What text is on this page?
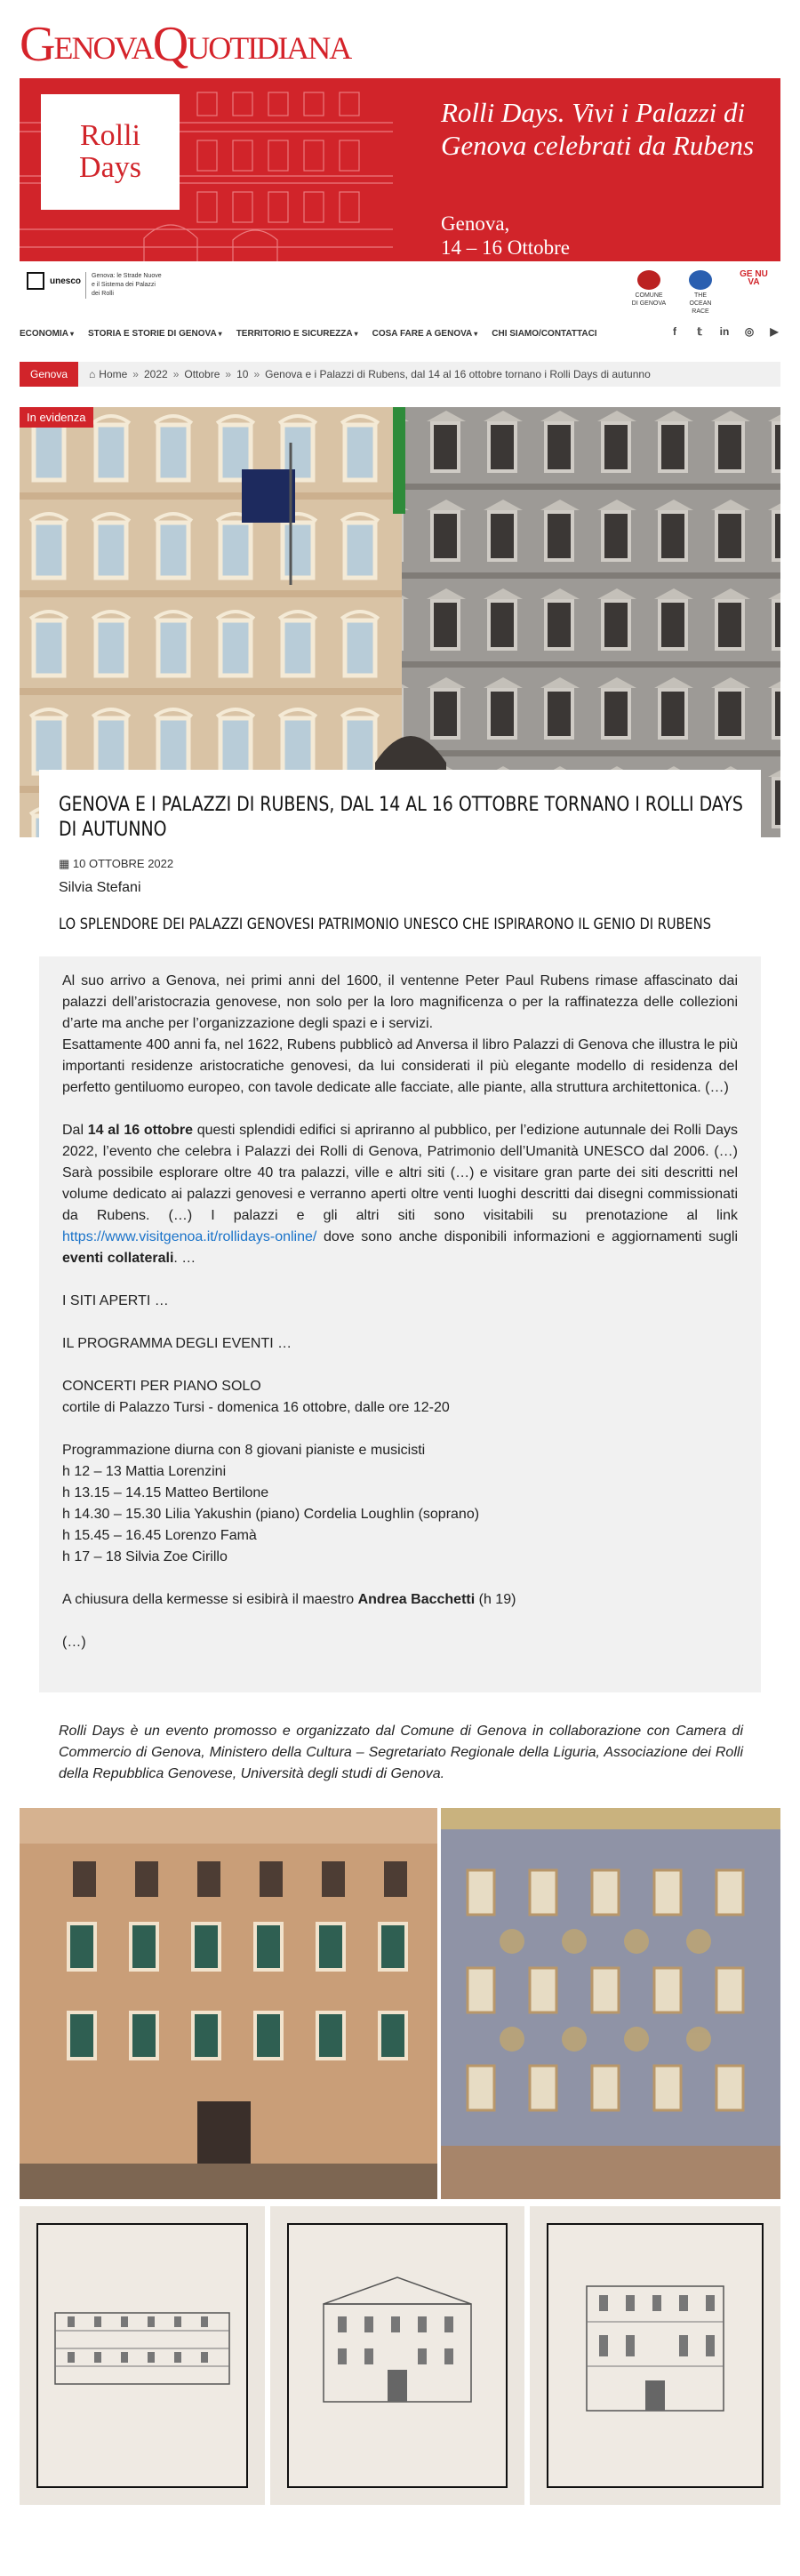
G ENOVA Q UOTIDIANA
Rolli
Days
Rolli Days. Vivi i Palazzi di Genova celebrati da Rubens
Genova,
14 – 16 Ottobre
unesco	Genova: le Strade Nuove e il Sistema dei Palazzi dei Rolli	COMUNE DI GENOVA
THE OCEAN RACE
GE NU VA
ECONOMIA ▾ STORIA E STORIE DI GENOVA ▾ TERRITORIO E SICUREZZA ▾ COSA FARE A GENOVA ▾ CHI SIAMO/CONTATTACI	f	𝕥	in ◎ ▶
Genova	⌂ Home » 2022 » Ottobre » 10 » Genova e i Palazzi di Rubens, dal 14 al 16 ottobre tornano i Rolli Days di autunno
In evidenza
GENOVA E I PALAZZI DI RUBENS, DAL 14 AL 16 OTTOBRE TORNANO I ROLLI DAYS DI AUTUNNO
▦ 10 OTTOBRE 2022
Silvia Stefani
LO SPLENDORE DEI PALAZZI GENOVESI PATRIMONIO UNESCO CHE ISPIRARONO IL GENIO DI RUBENS

Al suo arrivo a Genova, nei primi anni del 1600, il ventenne Peter Paul Rubens rimase affascinato dai palazzi dell’aristocrazia genovese, non solo per la loro magnificenza o per la raffinatezza delle collezioni d’arte ma anche per l’organizzazione degli spazi e i servizi.

Esattamente 400 anni fa, nel 1622, Rubens pubblicò ad Anversa il libro Palazzi di Genova che illustra le più importanti residenze aristocratiche genovesi, da lui considerati il più elegante modello di residenza del perfetto gentiluomo europeo, con tavole dedicate alle facciate, alle piante, alla struttura architettonica. (…)

Dal 14 al 16 ottobre questi splendidi edifici si apriranno al pubblico, per l’edizione autunnale dei Rolli Days 2022, l’evento che celebra i Palazzi dei Rolli di Genova, Patrimonio dell’Umanità UNESCO dal 2006. (…) Sarà possibile esplorare oltre 40 tra palazzi, ville e altri siti (…) e visitare gran parte dei siti descritti nel volume dedicato ai palazzi genovesi e verranno aperti oltre venti luoghi descritti dai disegni commissionati da Rubens. (…) I palazzi e gli altri siti sono visitabili su prenotazione al link https://www.visitgenoa.it/rollidays-online/ dove sono anche disponibili informazioni e aggiornamenti sugli eventi collaterali. …

I SITI APERTI …

IL PROGRAMMA DEGLI EVENTI …

CONCERTI PER PIANO SOLO

cortile di Palazzo Tursi - domenica 16 ottobre, dalle ore 12-20

Programmazione diurna con 8 giovani pianiste e musicisti

h 12 – 13 Mattia Lorenzini

h 13.15 – 14.15 Matteo Bertilone

h 14.30 – 15.30 Lilia Yakushin (piano) Cordelia Loughlin (soprano)

h 15.45 – 16.45 Lorenzo Famà

h 17 – 18 Silvia Zoe Cirillo

A chiusura della kermesse si esibirà il maestro Andrea Bacchetti (h 19)

(…)

Rolli Days è un evento promosso e organizzato dal Comune di Genova in collaborazione con Camera di Commercio di Genova, Ministero della Cultura – Segretariato Regionale della Liguria, Associazione dei Rolli della Repubblica Genovese, Università degli studi di Genova.
